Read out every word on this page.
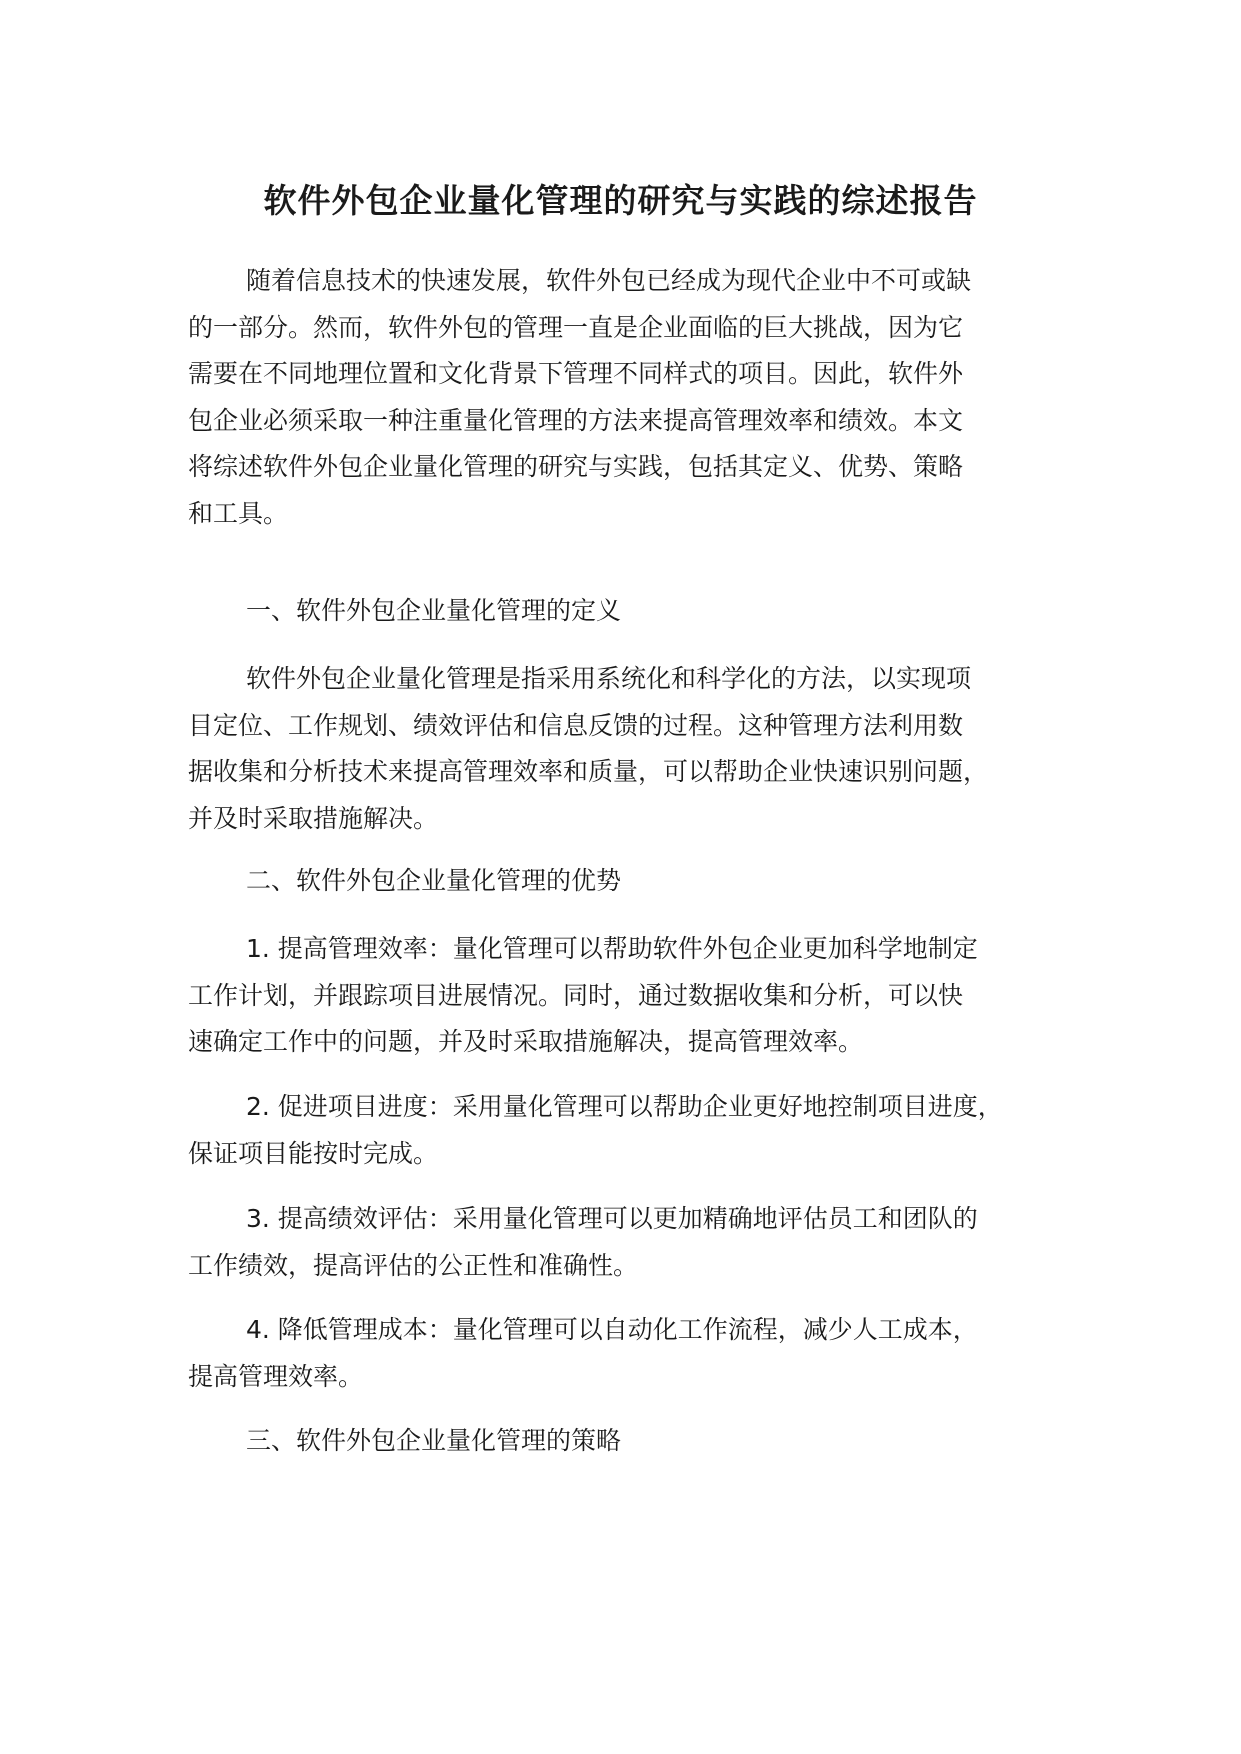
软件外包企业量化管理的研究与实践的综述报告
随着信息技术的快速发展，软件外包已经成为现代企业中不可或缺
的一部分。然而，软件外包的管理一直是企业面临的巨大挑战，因为它
需要在不同地理位置和文化背景下管理不同样式的项目。因此，软件外
包企业必须采取一种注重量化管理的方法来提高管理效率和绩效。本文
将综述软件外包企业量化管理的研究与实践，包括其定义、优势、策略
和工具。
一、软件外包企业量化管理的定义
软件外包企业量化管理是指采用系统化和科学化的方法，以实现项
目定位、工作规划、绩效评估和信息反馈的过程。这种管理方法利用数
据收集和分析技术来提高管理效率和质量，可以帮助企业快速识别问题，
并及时采取措施解决。
二、软件外包企业量化管理的优势
1. 提高管理效率：量化管理可以帮助软件外包企业更加科学地制定
工作计划，并跟踪项目进展情况。同时，通过数据收集和分析，可以快
速确定工作中的问题，并及时采取措施解决，提高管理效率。
2. 促进项目进度：采用量化管理可以帮助企业更好地控制项目进度，
保证项目能按时完成。
3. 提高绩效评估：采用量化管理可以更加精确地评估员工和团队的
工作绩效，提高评估的公正性和准确性。
4. 降低管理成本：量化管理可以自动化工作流程，减少人工成本，
提高管理效率。
三、软件外包企业量化管理的策略
